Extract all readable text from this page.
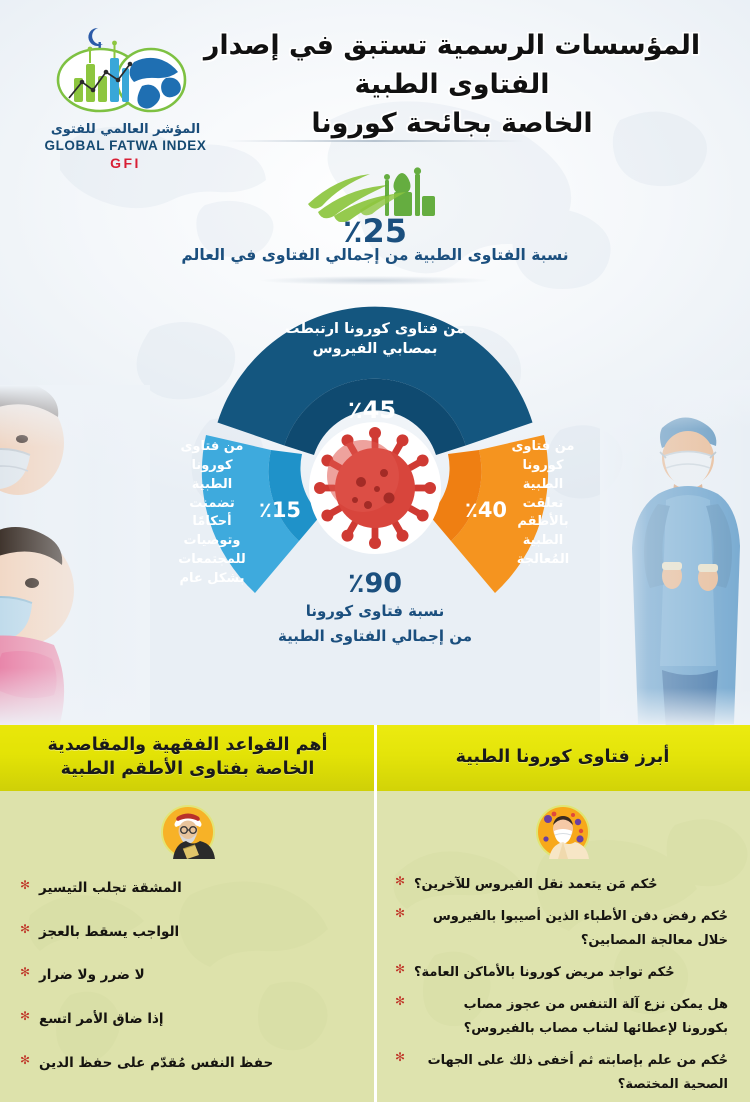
المؤشر العالمي للفتوى
GLOBAL FATWA INDEX
GFI
المؤسسات الرسمية تستبق في إصدار الفتاوى الطبية
الخاصة بجائحة كورونا
٪25
نسبة الفتاوى الطبية من إجمالي الفتاوى في العالم
من فتاوى كورونا ارتبطت بمصابي الفيروس
٪45
من فتاوى كورونا الطبية تعلقت بالأطقم الطبية المُعالجة
٪40
من فتاوى كورونا الطبية تضمنت أحكامًا وتوصيات للمجتمعات بشكل عام
٪15
٪90
نسبة فتاوى كورونا
من إجمالي الفتاوى الطبية
أبرز فتاوى كورونا الطبية
حُكم مَن يتعمد نقل الفيروس للآخرين؟
✻
حُكم رفض دفن الأطباء الذين أصيبوا بالفيروس خلال معالجة المصابين؟
✻
حُكم تواجد مريض كورونا بالأماكن العامة؟
✻
هل يمكن نزع آلة التنفس من عجوز مصاب بكورونا لإعطائها لشاب مصاب بالفيروس؟
✻
حُكم من علم بإصابته ثم أخفى ذلك على الجهات الصحية المختصة؟
✻
أهم القواعد الفقهية والمقاصدية الخاصة بفتاوى الأطقم الطبية
المشقة تجلب التيسير
✻
الواجب يسقط بالعجز
✻
لا ضرر ولا ضرار
✻
إذا ضاق الأمر اتسع
✻
حفظ النفس مُقدّم على حفظ الدين
✻
